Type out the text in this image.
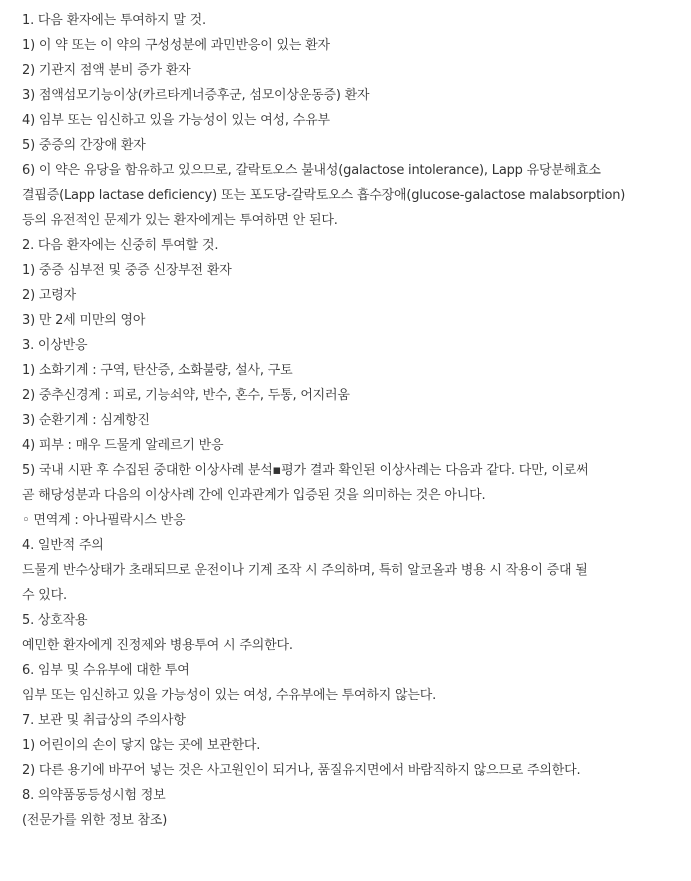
1. 다음 환자에는 투여하지 말 것.
1) 이 약 또는 이 약의 구성성분에 과민반응이 있는 환자
2) 기관지 점액 분비 증가 환자
3) 점액섬모기능이상(카르타게너증후군, 섬모이상운동증) 환자
4) 임부 또는 임신하고 있을 가능성이 있는 여성, 수유부
5) 중증의 간장애 환자
6) 이 약은 유당을 함유하고 있으므로, 갈락토오스 불내성(galactose intolerance), Lapp 유당분해효소
결핍증(Lapp lactase deficiency) 또는 포도당-갈락토오스 흡수장애(glucose-galactose malabsorption)
등의 유전적인 문제가 있는 환자에게는 투여하면 안 된다.
2. 다음 환자에는 신중히 투여할 것.
1) 중증 심부전 및 중증 신장부전 환자
2) 고령자
3) 만 2세 미만의 영아
3. 이상반응
1) 소화기계 : 구역, 탄산증, 소화불량, 설사, 구토
2) 중추신경계 : 피로, 기능쇠약, 반수, 혼수, 두통, 어지러움
3) 순환기계 : 심계항진
4) 피부 : 매우 드물게 알레르기 반응
5) 국내 시판 후 수집된 중대한 이상사례 분석▪평가 결과 확인된 이상사례는 다음과 같다. 다만, 이로써
곧 해당성분과 다음의 이상사례 간에 인과관계가 입증된 것을 의미하는 것은 아니다.
◦ 면역계 : 아나필락시스 반응
4. 일반적 주의
드물게 반수상태가 초래되므로 운전이나 기계 조작 시 주의하며, 특히 알코올과 병용 시 작용이 증대 될
수 있다.
5. 상호작용
예민한 환자에게 진정제와 병용투여 시 주의한다.
6. 임부 및 수유부에 대한 투여
임부 또는 임신하고 있을 가능성이 있는 여성, 수유부에는 투여하지 않는다.
7. 보관 및 취급상의 주의사항
1) 어린이의 손이 닿지 않는 곳에 보관한다.
2) 다른 용기에 바꾸어 넣는 것은 사고원인이 되거나, 품질유지면에서 바람직하지 않으므로 주의한다.
8. 의약품동등성시험 정보
(전문가를 위한 정보 참조)
